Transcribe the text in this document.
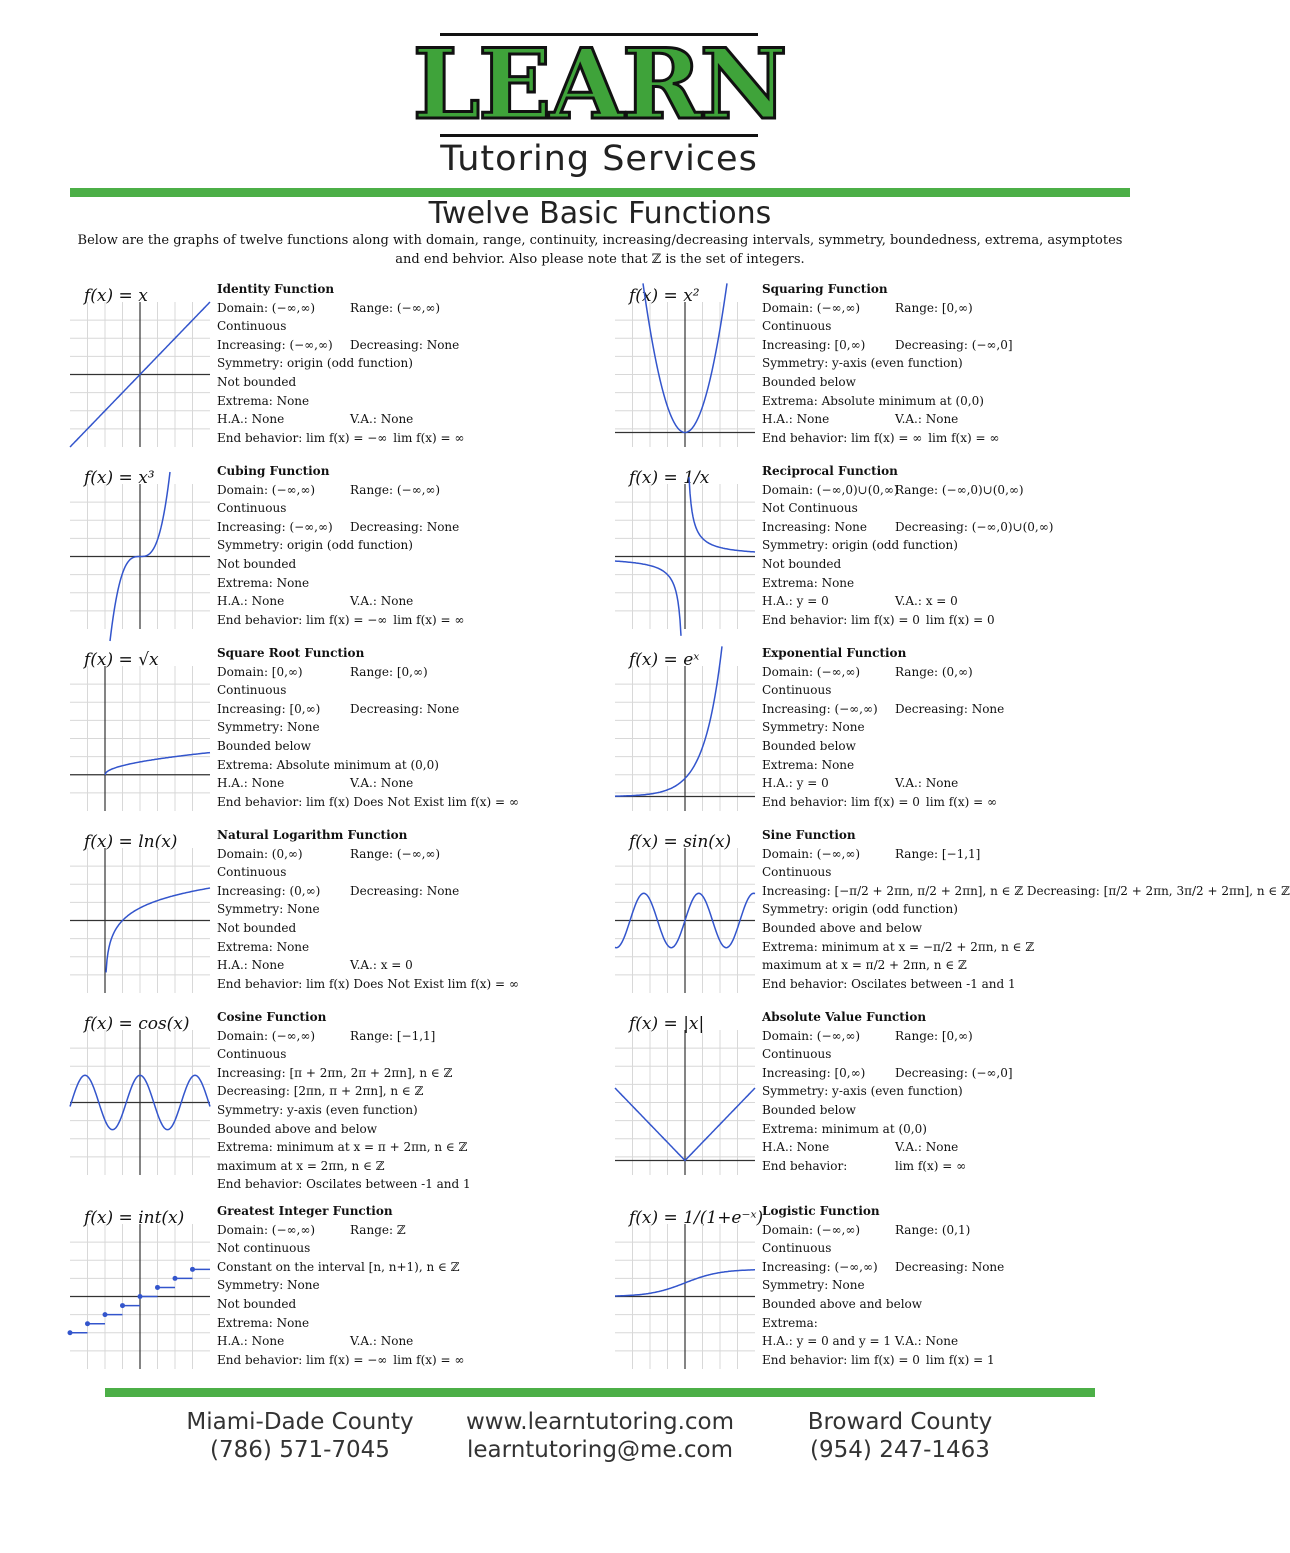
LEARN
Tutoring Services
Twelve Basic Functions
Below are the graphs of twelve functions along with domain, range, continuity, increasing/decreasing intervals, symmetry, boundedness, extrema, asymptotes and end behvior. Also please note that ℤ is the set of integers.
f(x) = x	Identity Function
Domain: (−∞,∞)	Range: (−∞,∞)
Continuous
Increasing: (−∞,∞)	Decreasing: None
Symmetry: origin (odd function)
Not bounded
Extrema: None
H.A.: None	V.A.: None
End behavior: lim f(x) = −∞ lim f(x) = ∞
f(x) = x²	Squaring Function
Domain: (−∞,∞)	Range: [0,∞)
Continuous
Increasing: [0,∞)	Decreasing: (−∞,0]
Symmetry: y-axis (even function)
Bounded below
Extrema: Absolute minimum at (0,0)
H.A.: None	V.A.: None
End behavior: lim f(x) = ∞ lim f(x) = ∞
f(x) = x³	Cubing Function
Domain: (−∞,∞)	Range: (−∞,∞)
Continuous
Increasing: (−∞,∞)	Decreasing: None
Symmetry: origin (odd function)
Not bounded
Extrema: None
H.A.: None	V.A.: None
End behavior: lim f(x) = −∞ lim f(x) = ∞
f(x) = 1/x	Reciprocal Function
Domain: (−∞,0)∪(0,∞)
Range: (−∞,0)∪(0,∞)
Not Continuous
Increasing: None	Decreasing: (−∞,0)∪(0,∞)
Symmetry: origin (odd function)
Not bounded
Extrema: None
H.A.: y = 0	V.A.: x = 0
End behavior: lim f(x) = 0 lim f(x) = 0
f(x) = √x	Square Root Function
Domain: [0,∞)	Range: [0,∞)
Continuous
Increasing: [0,∞)	Decreasing: None
Symmetry: None
Bounded below
Extrema: Absolute minimum at (0,0)
H.A.: None	V.A.: None
End behavior: lim f(x) Does Not Exist lim f(x) = ∞
f(x) = eˣ	Exponential Function
Domain: (−∞,∞)	Range: (0,∞)
Continuous
Increasing: (−∞,∞)	Decreasing: None
Symmetry: None
Bounded below
Extrema: None
H.A.: y = 0	V.A.: None
End behavior: lim f(x) = 0 lim f(x) = ∞
f(x) = ln(x)	Natural Logarithm Function
Domain: (0,∞)	Range: (−∞,∞)
Continuous
Increasing: (0,∞)	Decreasing: None
Symmetry: None
Not bounded
Extrema: None
H.A.: None	V.A.: x = 0
End behavior: lim f(x) Does Not Exist lim f(x) = ∞
f(x) = sin(x)	Sine Function
Domain: (−∞,∞)	Range: [−1,1]
Continuous
Increasing: [−π/2 + 2πn, π/2 + 2πn], n ∈ ℤ Decreasing: [π/2 + 2πn, 3π/2 + 2πn], n ∈ ℤ
Symmetry: origin (odd function)
Bounded above and below
Extrema: minimum at x = −π/2 + 2πn, n ∈ ℤ
maximum at x = π/2 + 2πn, n ∈ ℤ
End behavior: Oscilates between -1 and 1
f(x) = cos(x)	Cosine Function
Domain: (−∞,∞)	Range: [−1,1]
Continuous
Increasing: [π + 2πn, 2π + 2πn], n ∈ ℤ
Decreasing: [2πn, π + 2πn], n ∈ ℤ
Symmetry: y-axis (even function)
Bounded above and below
Extrema: minimum at x = π + 2πn, n ∈ ℤ
maximum at x = 2πn, n ∈ ℤ
End behavior: Oscilates between -1 and 1
f(x) = |x|	Absolute Value Function
Domain: (−∞,∞)	Range: [0,∞)
Continuous
Increasing: [0,∞)	Decreasing: (−∞,0]
Symmetry: y-axis (even function)
Bounded below
Extrema: minimum at (0,0)
H.A.: None	V.A.: None
End behavior:	lim f(x) = ∞
f(x) = int(x)	Greatest Integer Function
Domain: (−∞,∞)	Range: ℤ
Not continuous
Constant on the interval [n, n+1), n ∈ ℤ
Symmetry: None
Not bounded
Extrema: None
H.A.: None	V.A.: None
End behavior: lim f(x) = −∞ lim f(x) = ∞
f(x) = 1/(1+e⁻ˣ)
Logistic Function
Domain: (−∞,∞)	Range: (0,1)
Continuous
Increasing: (−∞,∞)	Decreasing: None
Symmetry: None
Bounded above and below
Extrema:
H.A.: y = 0 and y = 1 V.A.: None
End behavior: lim f(x) = 0 lim f(x) = 1
Miami-Dade County
(786) 571-7045
www.learntutoring.com
learntutoring@me.com
Broward County
(954) 247-1463
